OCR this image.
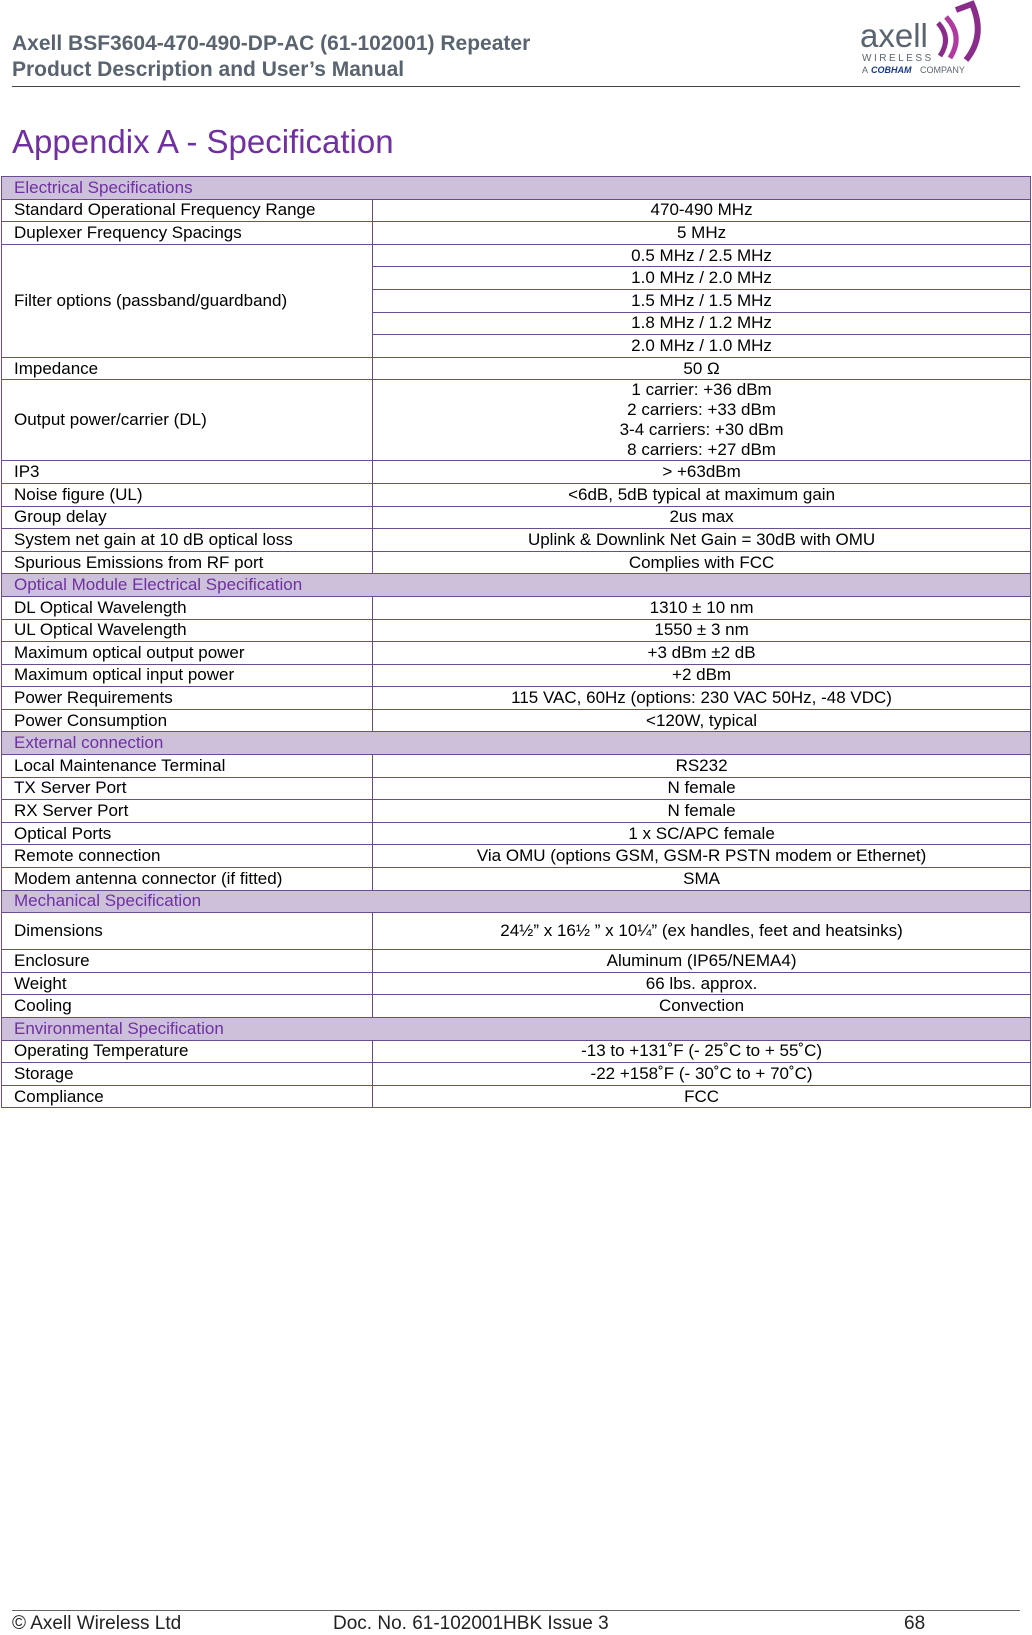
Axell BSF3604-470-490-DP-AC (61-102001) Repeater
Product Description and User’s Manual
axell
WIRELESS
A COBHAM COMPANY
Appendix A - Specification
Electrical Specifications	
Standard Operational Frequency Range	470-490 MHz
Duplexer Frequency Spacings	5 MHz
Filter options (passband/guardband)	0.5 MHz / 2.5 MHz
	1.0 MHz / 2.0 MHz
	1.5 MHz / 1.5 MHz
	1.8 MHz / 1.2 MHz
	2.0 MHz / 1.0 MHz
Impedance	50 Ω
Output power/carrier (DL)	1 carrier: +36 dBm
2 carriers: +33 dBm
3-4 carriers: +30 dBm
8 carriers: +27 dBm

IP3	> +63dBm
Noise figure (UL)	<6dB, 5dB typical at maximum gain
Group delay	2us max
System net gain at 10 dB optical loss	Uplink & Downlink Net Gain = 30dB with OMU
Spurious Emissions from RF port	Complies with FCC
Optical Module Electrical Specification	
DL Optical Wavelength	1310 ± 10 nm
UL Optical Wavelength	1550 ± 3 nm
Maximum optical output power	+3 dBm ±2 dB
Maximum optical input power	+2 dBm
Power Requirements	115 VAC, 60Hz (options: 230 VAC 50Hz, -48 VDC)
Power Consumption	<120W, typical
External connection	
Local Maintenance Terminal	RS232
TX Server Port	N female
RX Server Port	N female
Optical Ports	1 x SC/APC female
Remote connection	Via OMU (options GSM, GSM-R PSTN modem or Ethernet)
Modem antenna connector (if fitted)	SMA
Mechanical Specification	
Dimensions	24½” x 16½ ” x 10¼” (ex handles, feet and heatsinks)
Enclosure	Aluminum (IP65/NEMA4)
Weight	66 lbs. approx.
Cooling	Convection
Environmental Specification	
Operating Temperature	-13 to +131˚F (- 25˚C to + 55˚C)
Storage	-22 +158˚F (- 30˚C to + 70˚C)
Compliance	FCC
© Axell Wireless Ltd	Doc. No. 61-102001HBK Issue 3	68
